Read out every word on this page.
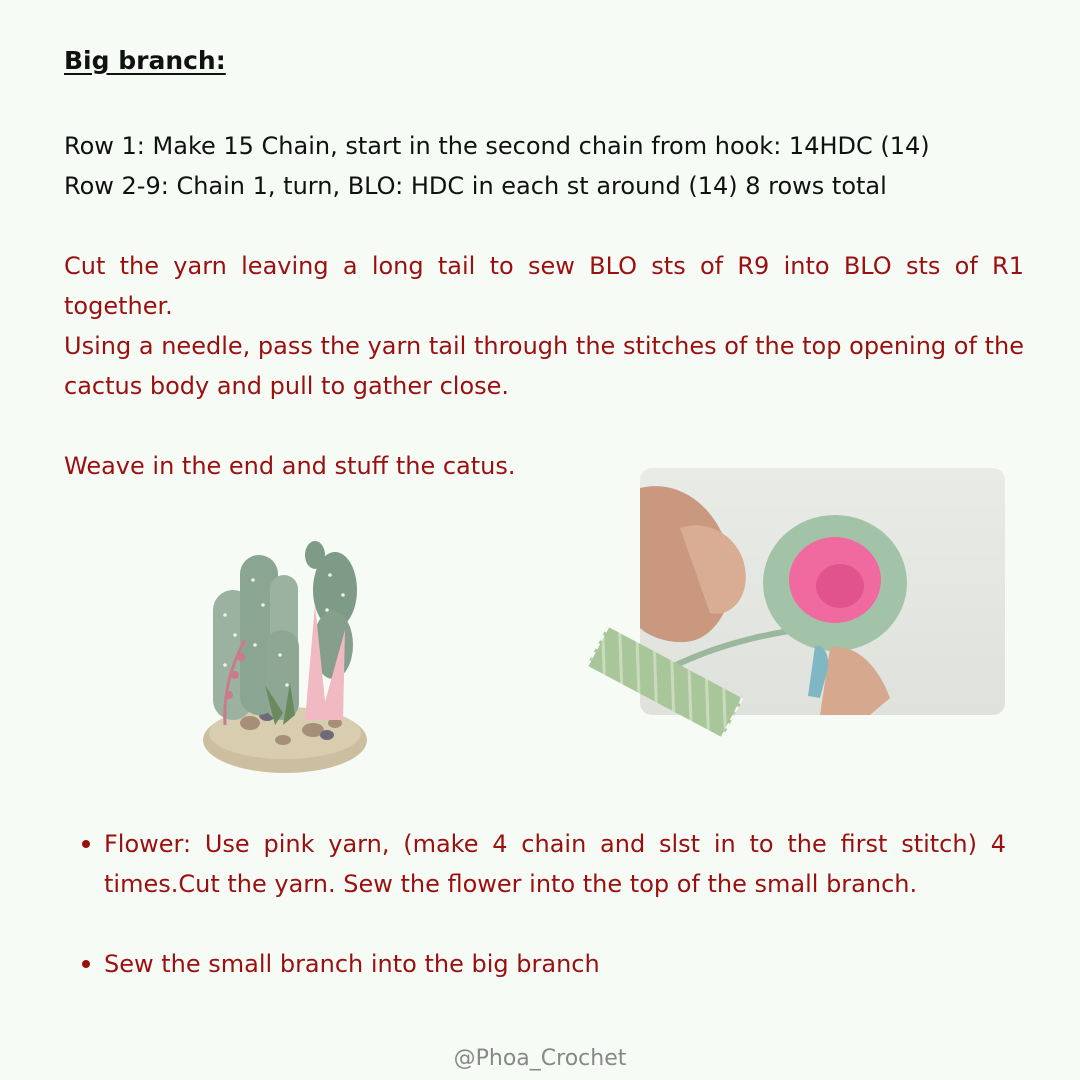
Big branch:
Row 1: Make 15 Chain, start in the second chain from hook: 14HDC (14)
Row 2-9: Chain 1, turn, BLO: HDC in each st around (14) 8 rows total

Cut the yarn leaving a long tail to sew BLO sts of R9 into BLO sts of R1 together.

Using a needle, pass the yarn tail through the stitches of the top opening of the cactus body and pull to gather close.

Weave in the end and stuff the catus.
Flower: Use pink yarn, (make 4 chain and slst in to the first stitch) 4 times.Cut the yarn. Sew the flower into the top of the small branch.
Sew the small branch into the big branch
@Phoa_Crochet
